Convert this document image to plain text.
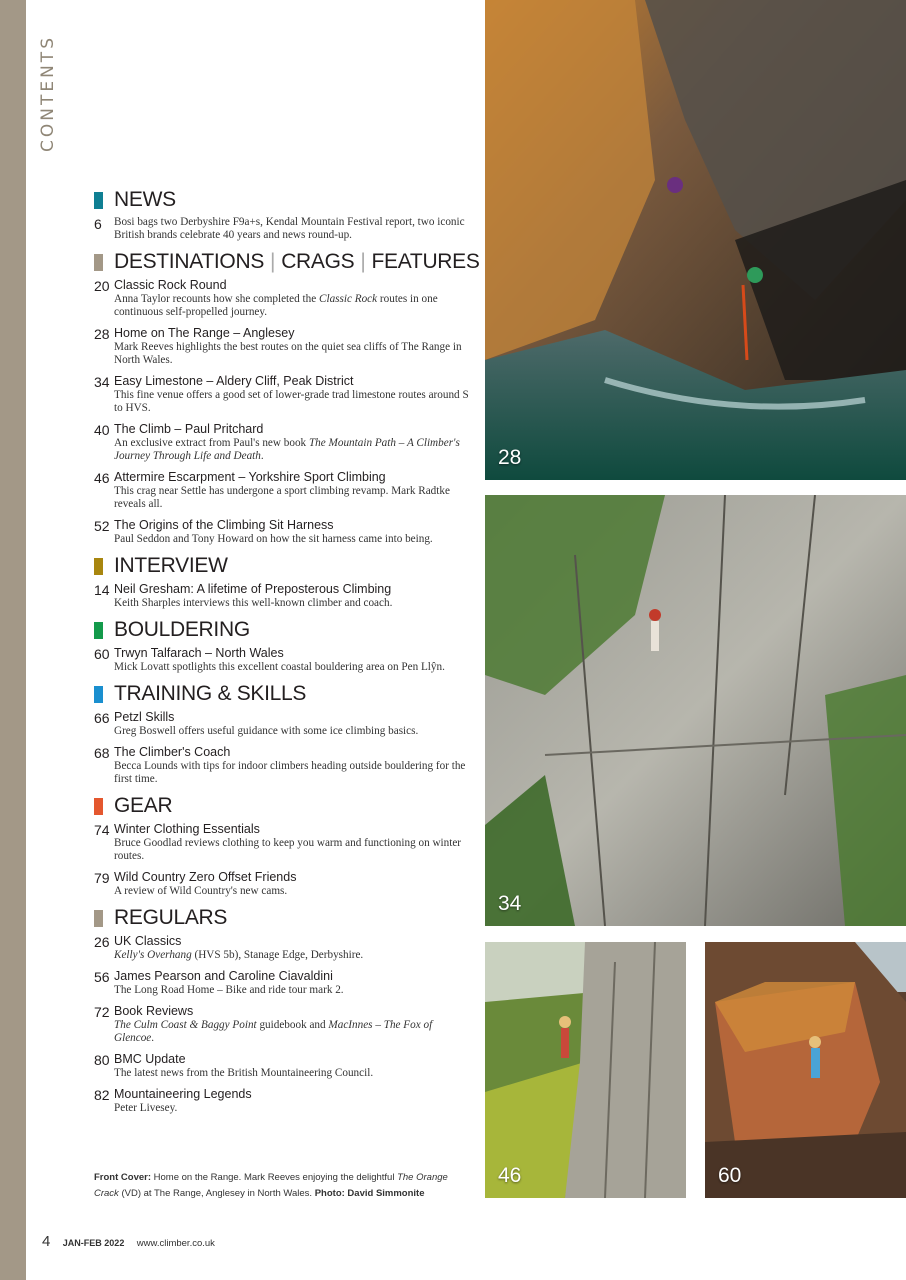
CONTENTS
NEWS
6 Bosi bags two Derbyshire F9a+s, Kendal Mountain Festival report, two iconic British brands celebrate 40 years and news round-up.
DESTINATIONS | CRAGS | FEATURES
20 Classic Rock Round
Anna Taylor recounts how she completed the Classic Rock routes in one continuous self-propelled journey.
28 Home on The Range – Anglesey
Mark Reeves highlights the best routes on the quiet sea cliffs of The Range in North Wales.
34 Easy Limestone – Aldery Cliff, Peak District
This fine venue offers a good set of lower-grade trad limestone routes around S to HVS.
40 The Climb – Paul Pritchard
An exclusive extract from Paul's new book The Mountain Path – A Climber's Journey Through Life and Death.
46 Attermire Escarpment – Yorkshire Sport Climbing
This crag near Settle has undergone a sport climbing revamp. Mark Radtke reveals all.
52 The Origins of the Climbing Sit Harness
Paul Seddon and Tony Howard on how the sit harness came into being.
INTERVIEW
14 Neil Gresham: A lifetime of Preposterous Climbing
Keith Sharples interviews this well-known climber and coach.
BOULDERING
60 Trwyn Talfarach – North Wales
Mick Lovatt spotlights this excellent coastal bouldering area on Pen Llŷn.
TRAINING & SKILLS
66 Petzl Skills
Greg Boswell offers useful guidance with some ice climbing basics.
68 The Climber's Coach
Becca Lounds with tips for indoor climbers heading outside bouldering for the first time.
GEAR
74 Winter Clothing Essentials
Bruce Goodlad reviews clothing to keep you warm and functioning on winter routes.
79 Wild Country Zero Offset Friends
A review of Wild Country's new cams.
REGULARS
26 UK Classics
Kelly's Overhang (HVS 5b), Stanage Edge, Derbyshire.
56 James Pearson and Caroline Ciavaldini
The Long Road Home – Bike and ride tour mark 2.
72 Book Reviews
The Culm Coast & Baggy Point guidebook and MacInnes – The Fox of Glencoe.
80 BMC Update
The latest news from the British Mountaineering Council.
82 Mountaineering Legends
Peter Livesey.
Front Cover: Home on the Range. Mark Reeves enjoying the delightful The Orange Crack (VD) at The Range, Anglesey in North Wales. Photo: David Simmonite
4 JAN-FEB 2022 www.climber.co.uk
28
34
46	60
